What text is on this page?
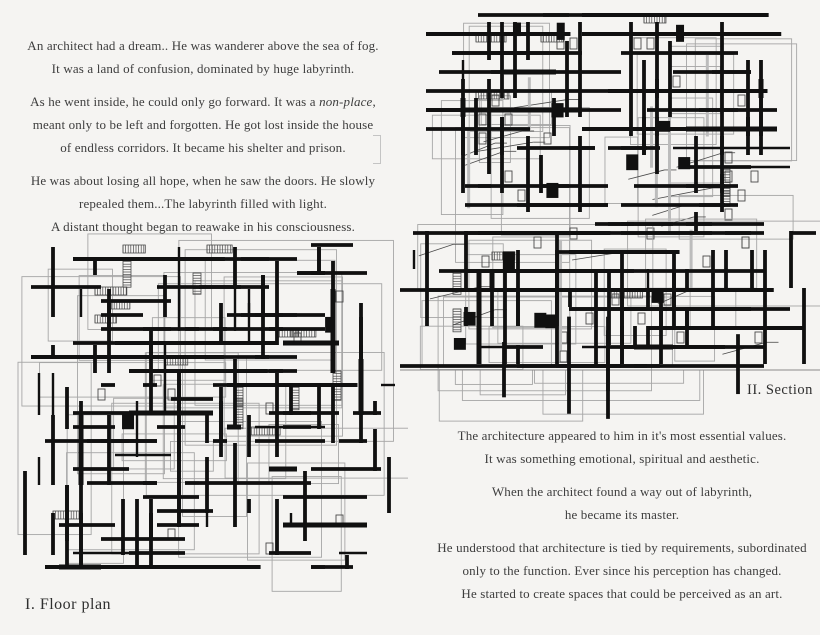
An architect had a dream.. He was wanderer above the sea of fog.
It was a land of confusion, dominated by huge labyrinth.
As he went inside, he could only go forward. It was a non-place,
meant only to be left and forgotten. He got lost inside the house
of endless corridors. It became his shelter and prison.
He was about losing all hope, when he saw the doors. He slowly
repealed them...The labyrinth filled with light.
A distant thought began to reawake in his consciousness.
II. Section
I. Floor plan
The architecture appeared to him in it's most essential values.
It was something emotional, spiritual and aesthetic.
When the architect found a way out of labyrinth,
he became its master.
He understood that architecture is tied by requirements, subordinated
only to the function. Ever since his perception has changed.
He started to create spaces that could be perceived as an art.
